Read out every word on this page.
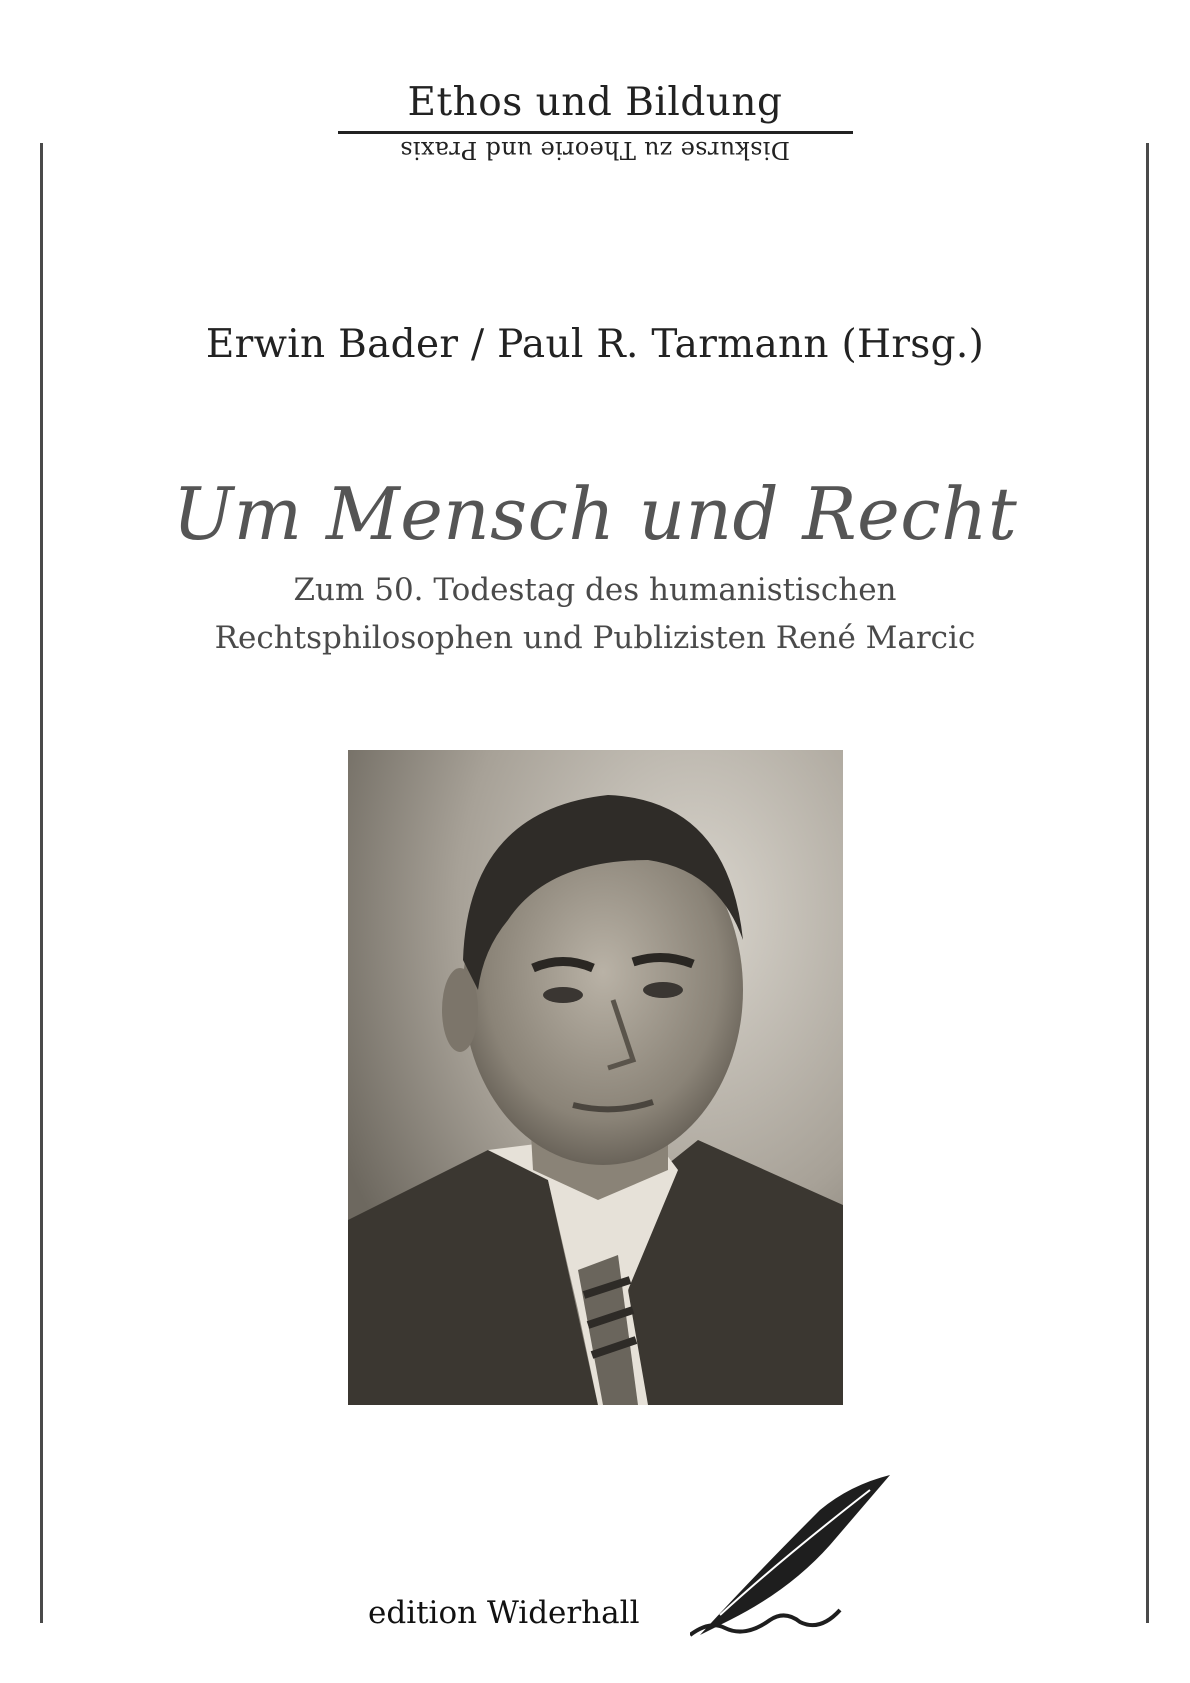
Ethos und Bildung
Diskurse zu Theorie und Praxis
Erwin Bader / Paul R. Tarmann (Hrsg.)
Um Mensch und Recht
Zum 50. Todestag des humanistischen
Rechtsphilosophen und Publizisten René Marcic
edition Widerhall
